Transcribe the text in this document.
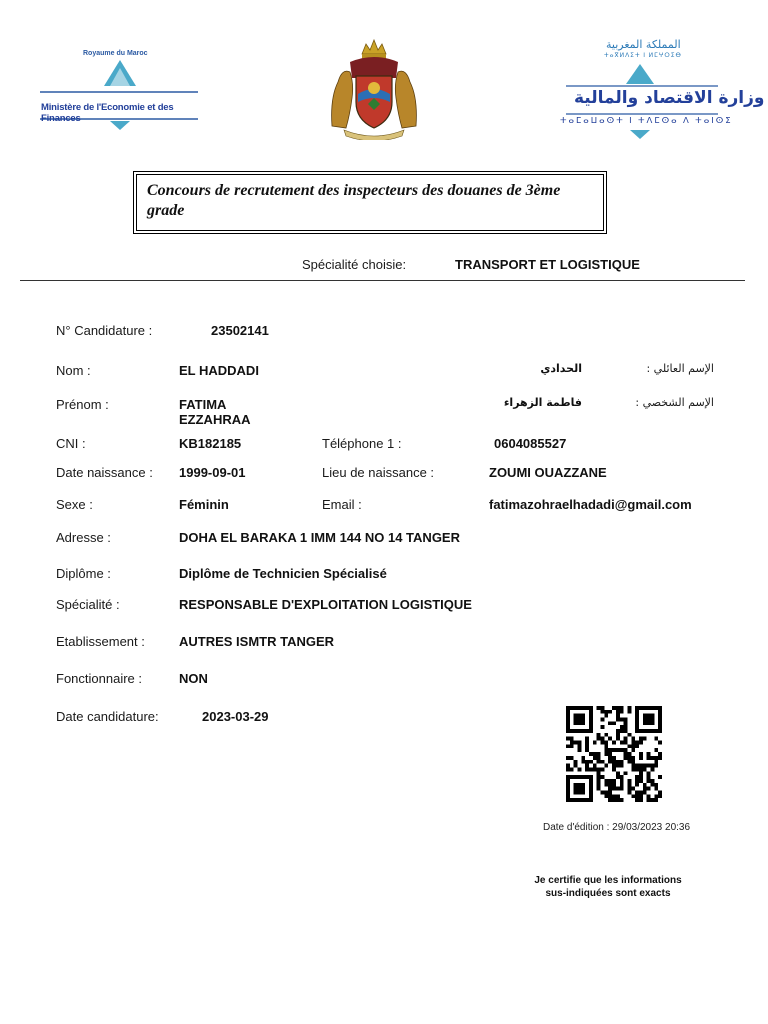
Royaume du Maroc
Ministère de l'Economie et des Finances
المملكة المغربية
ⵜⴰⴳⵍⴷⵉⵜ ⵏ ⵍⵎⵖⵔⵉⴱ
وزارة الاقتصاد والمالية
ⵜⴰⵎⴰⵡⴰⵙⵜ ⵏ ⵜⴷⵎⵙⴰ ⴷ ⵜⴰⵏⵙⵉ
Concours de recrutement des inspecteurs des douanes de 3ème grade
Spécialité choisie:	TRANSPORT ET LOGISTIQUE
N° Candidature :	23502141
Nom :	EL HADDADI	الحدادي	الإسم العائلي :
Prénom :	FATIMA
EZZAHRAA
فاطمة الزهراء	الإسم الشخصي :
CNI :	KB182185	Téléphone 1 :	0604085527
Date naissance : 1999-09-01	Lieu de naissance :	ZOUMI OUAZZANE
Sexe :	Féminin	Email :	fatimazohraelhadadi@gmail.com
Adresse :	DOHA EL BARAKA 1 IMM 144 NO 14 TANGER
Diplôme :	Diplôme de Technicien Spécialisé
Spécialité :	RESPONSABLE D'EXPLOITATION LOGISTIQUE
Etablissement :	AUTRES ISMTR TANGER
Fonctionnaire :	NON
Date candidature:	2023-03-29
Date d'édition : 29/03/2023 20:36
Je certifie que les informations
sus-indiquées sont exacts
